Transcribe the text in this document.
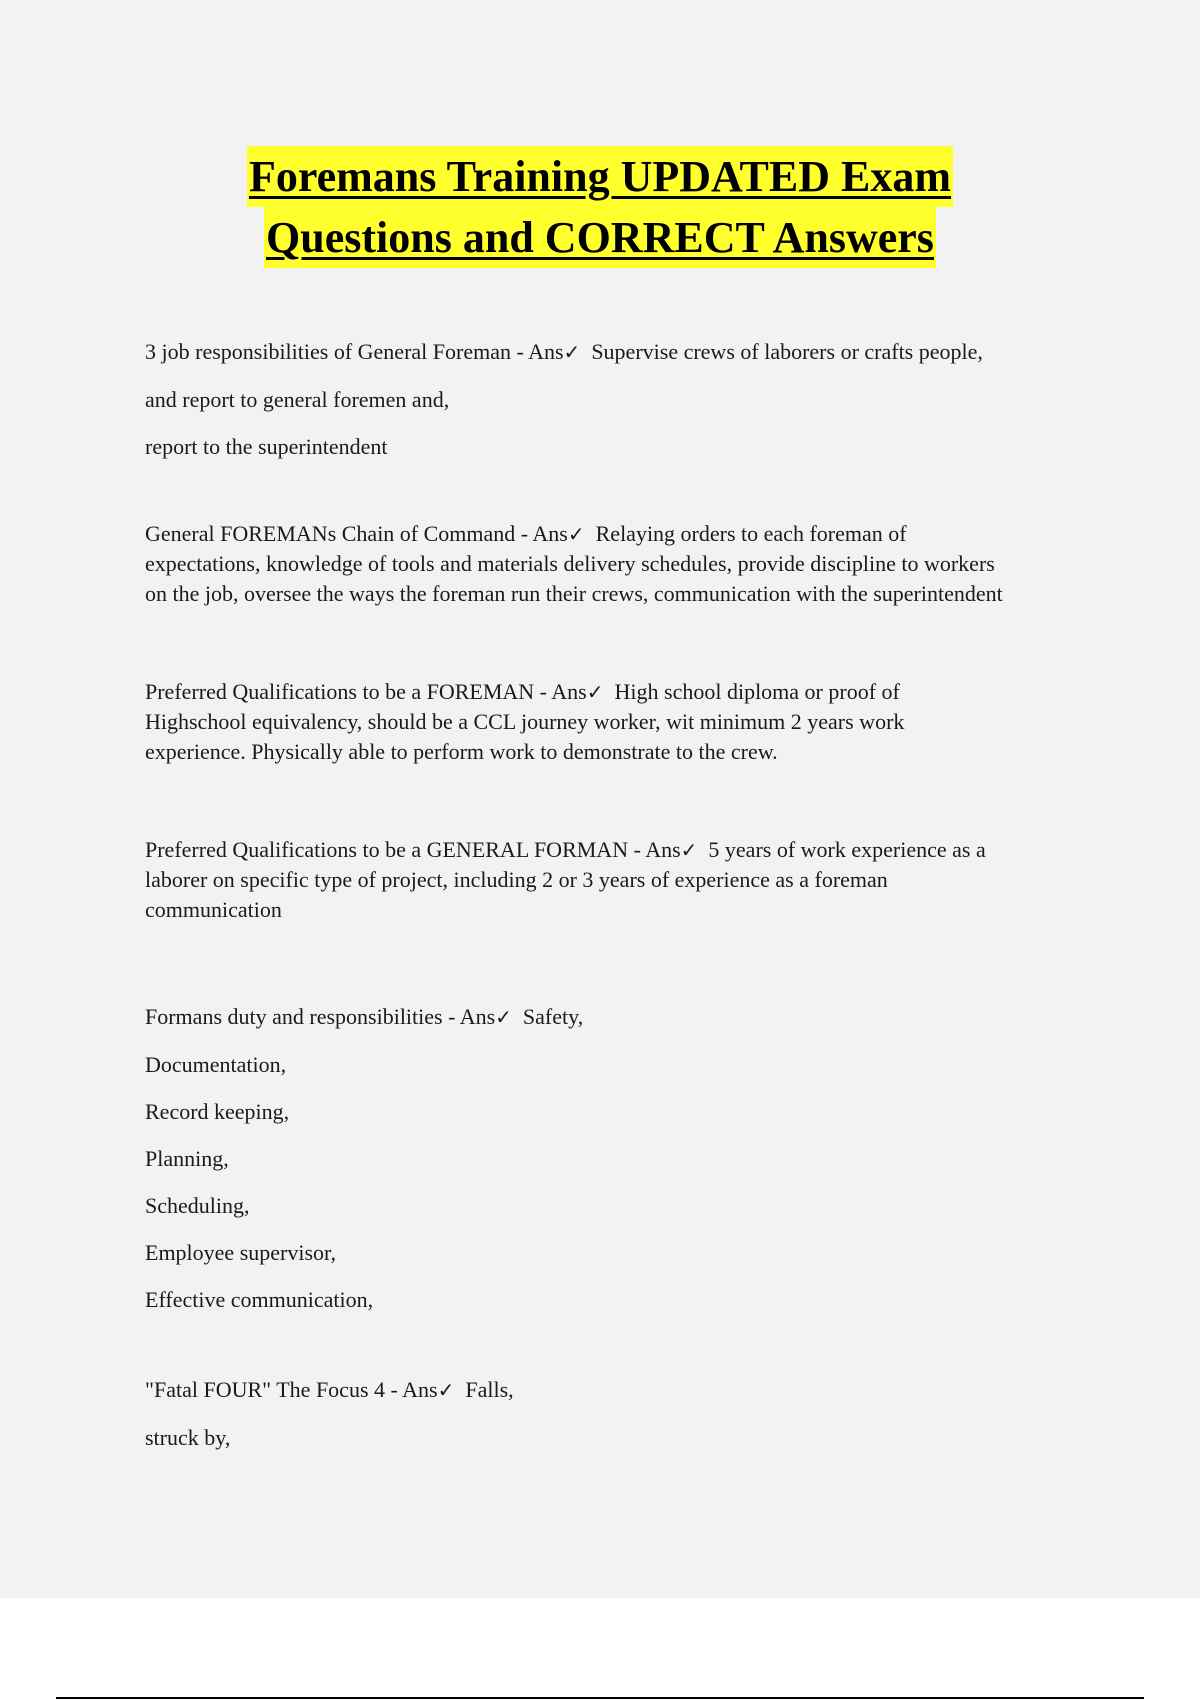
Foremans Training UPDATED Exam
Questions and CORRECT Answers
3 job responsibilities of General Foreman - Ans✓ Supervise crews of laborers or crafts people,
and report to general foremen and,
report to the superintendent
General FOREMANs Chain of Command - Ans✓ Relaying orders to each foreman of
expectations, knowledge of tools and materials delivery schedules, provide discipline to workers
on the job, oversee the ways the foreman run their crews, communication with the superintendent
Preferred Qualifications to be a FOREMAN - Ans✓ High school diploma or proof of
Highschool equivalency, should be a CCL journey worker, wit minimum 2 years work
experience. Physically able to perform work to demonstrate to the crew.
Preferred Qualifications to be a GENERAL FORMAN - Ans✓ 5 years of work experience as a
laborer on specific type of project, including 2 or 3 years of experience as a foreman
communication
Formans duty and responsibilities - Ans✓ Safety,
Documentation,
Record keeping,
Planning,
Scheduling,
Employee supervisor,
Effective communication,
"Fatal FOUR" The Focus 4 - Ans✓ Falls,
struck by,
